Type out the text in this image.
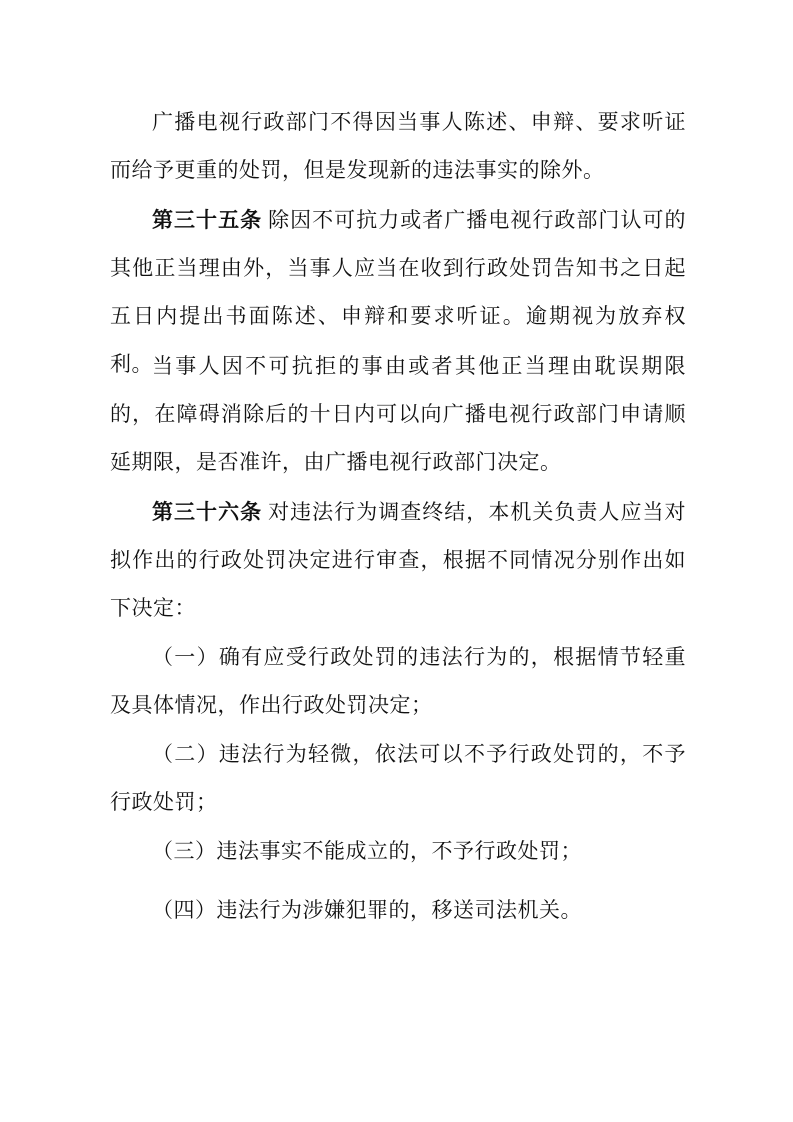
广播电视行政部门不得因当事人陈述、申辩、要求听证而给予更重的处罚，但是发现新的违法事实的除外。

第三十五条 除因不可抗力或者广播电视行政部门认可的其他正当理由外，当事人应当在收到行政处罚告知书之日起五日内提出书面陈述、申辩和要求听证。逾期视为放弃权利。 当事人因不可抗拒的事由或者其他正当理由耽误期限的，在障碍消除后的十日内可以向广播电视行政部门申请顺延期限，是否准许，由广播电视行政部门决定。

第三十六条 对违法行为调查终结，本机关负责人应当对拟作出的行政处罚决定进行审查，根据不同情况分别作出如下决定：

（一）确有应受行政处罚的违法行为的，根据情节轻重及具体情况，作出行政处罚决定；

（二）违法行为轻微，依法可以不予行政处罚的，不予行政处罚；

（三）违法事实不能成立的，不予行政处罚；

（四）违法行为涉嫌犯罪的，移送司法机关。
